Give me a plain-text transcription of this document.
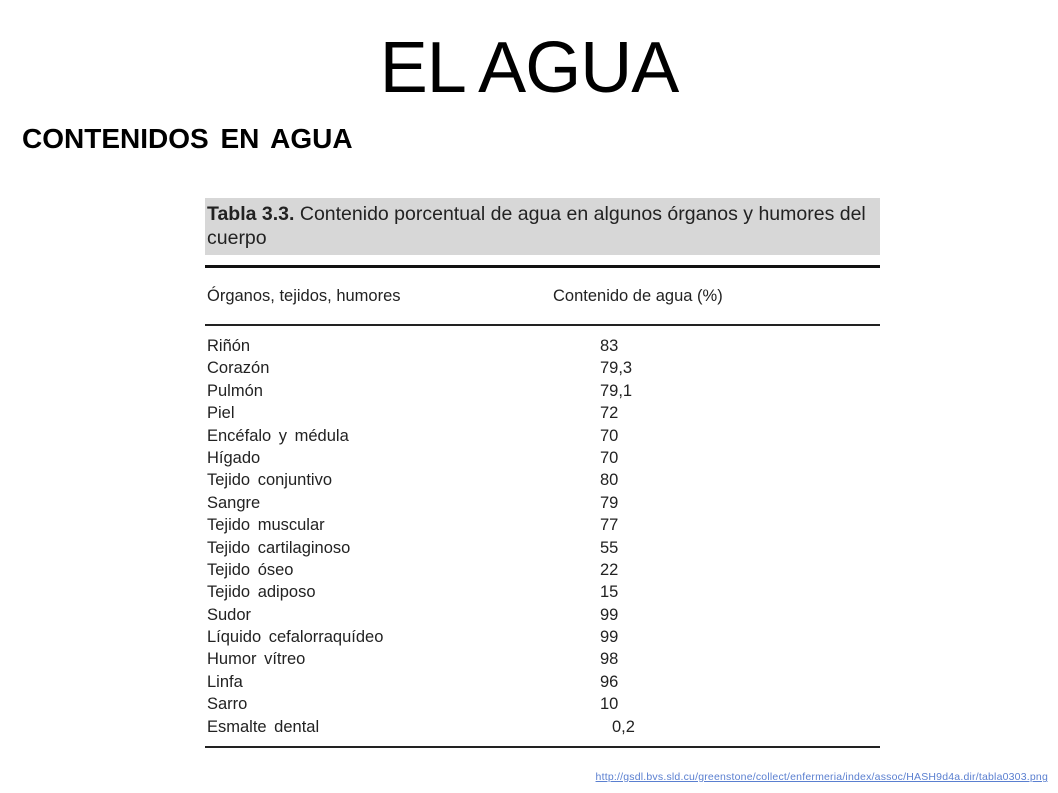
EL AGUA
CONTENIDOS EN AGUA
Tabla 3.3. Contenido porcentual de agua en algunos órganos y humores del cuerpo
Órganos, tejidos, humores	Contenido de agua (%)
Riñón	83
Corazón	79,3
Pulmón	79,1
Piel	72
Encéfalo y médula	70
Hígado	70
Tejido conjuntivo	80
Sangre	79
Tejido muscular	77
Tejido cartilaginoso	55
Tejido óseo	22
Tejido adiposo	15
Sudor	99
Líquido cefalorraquídeo	99
Humor vítreo	98
Linfa	96
Sarro	10
Esmalte dental	0,2
http://gsdl.bvs.sld.cu/greenstone/collect/enfermeria/index/assoc/HASH9d4a.dir/tabla0303.png
